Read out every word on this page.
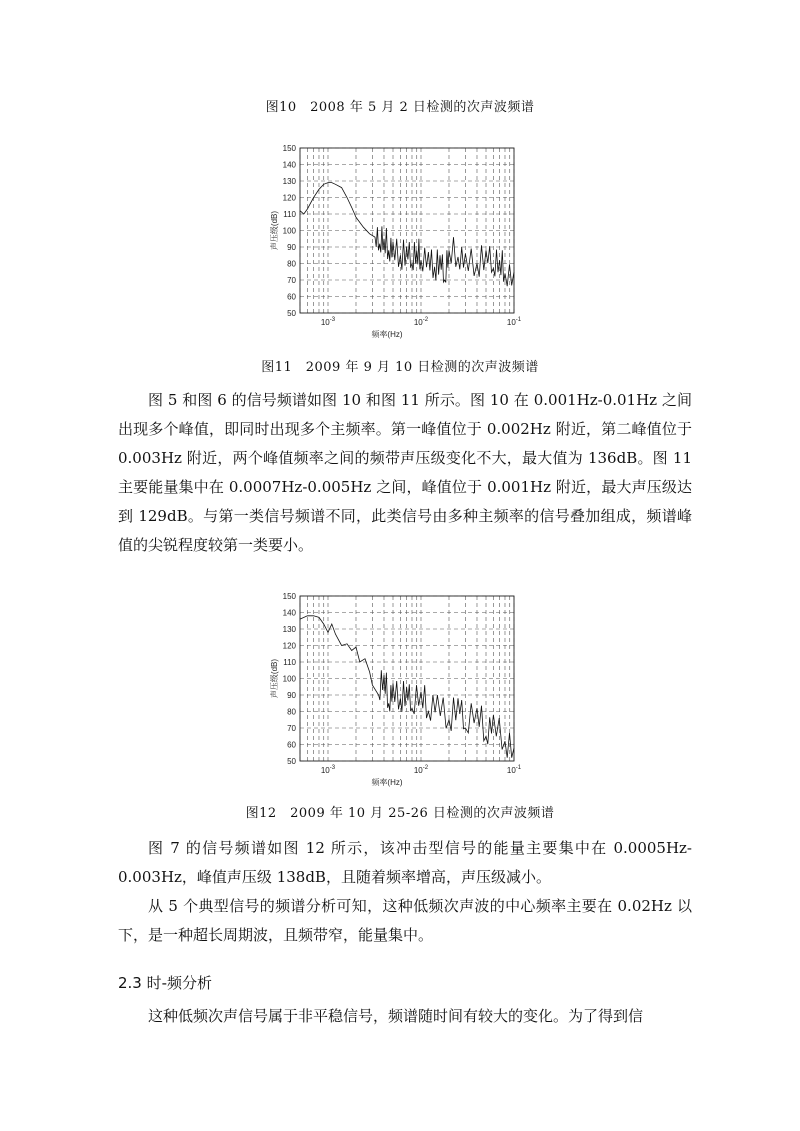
图10　2008 年 5 月 2 日检测的次声波频谱
150
140
130
120
110
100
90
80
70
60
50
$10^{-3}$	$10^{-2}$	$10^{-1}$
频率(Hz)
声压级(dB)
图11　2009 年 9 月 10 日检测的次声波频谱

图 5 和图 6 的信号频谱如图 10 和图 11 所示。图 10 在 0.001Hz-0.01Hz 之间出现多个峰值，即同时出现多个主频率。第一峰值位于 0.002Hz 附近，第二峰值位于 0.003Hz 附近，两个峰值频率之间的频带声压级变化不大，最大值为 136dB。图 11 主要能量集中在 0.0007Hz-0.005Hz 之间，峰值位于 0.001Hz 附近，最大声压级达到 129dB。与第一类信号频谱不同，此类信号由多种主频率的信号叠加组成，频谱峰值的尖锐程度较第一类要小。

150
140
130
120
110
100
90
80
70
60
50
$10^{-3}$	$10^{-2}$	$10^{-1}$
频率(Hz)
声压级(dB)
图12　2009 年 10 月 25-26 日检测的次声波频谱

图 7 的信号频谱如图 12 所示，该冲击型信号的能量主要集中在 0.0005Hz-0.003Hz，峰值声压级 138dB，且随着频率增高，声压级减小。

从 5 个典型信号的频谱分析可知，这种低频次声波的中心频率主要在 0.02Hz 以下，是一种超长周期波，且频带窄，能量集中。

2.3 时-频分析

这种低频次声信号属于非平稳信号，频谱随时间有较大的变化。为了得到信
